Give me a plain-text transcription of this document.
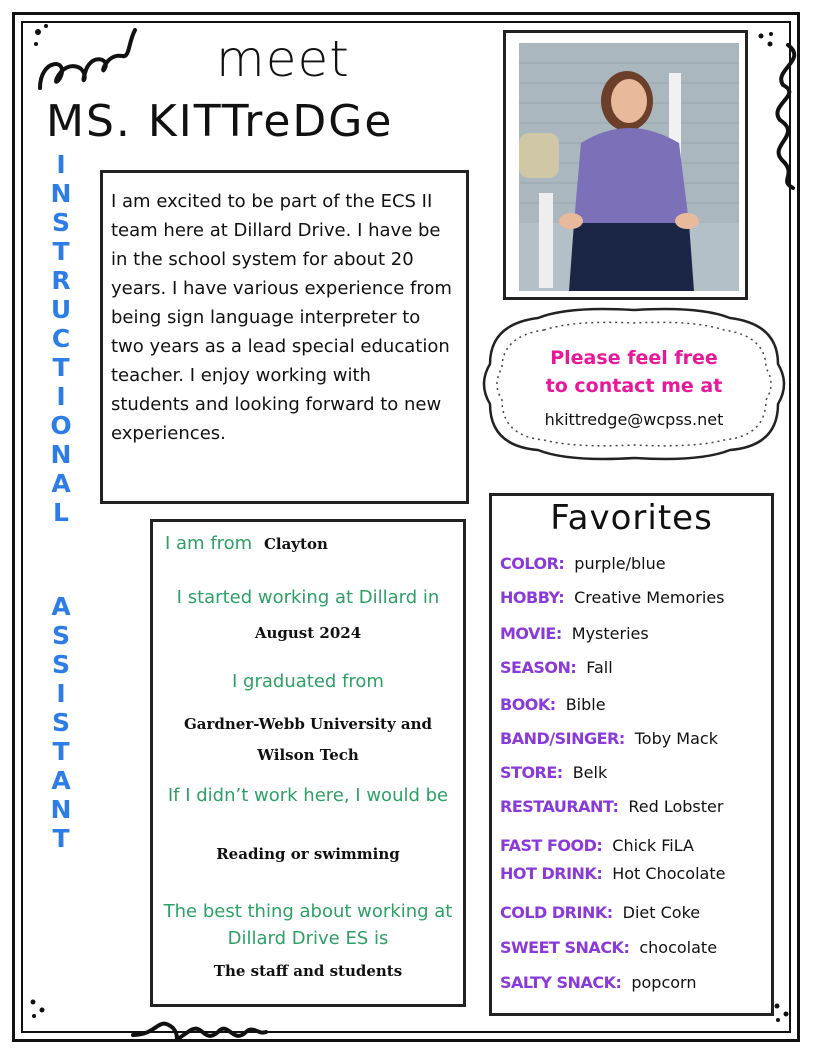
meet
MS. KITTreDGe
I
N
S
T
R
U
C
T
I
O
N
A
L
A
S
S
I
S
T
A
N
T

I am excited to be part of the ECS II team here at Dillard Drive. I have be in the school system for about 20 years. I have various experience from being sign language interpreter to two years as a lead special education teacher. I enjoy working with students and looking forward to new experiences.

Please feel free
to contact me at
hkittredge@wcpss.net
I am from Clayton
I started working at Dillard in
August 2024
I graduated from
Gardner-Webb University and
Wilson Tech
If I didn’t work here, I would be
Reading or swimming
The best thing about working at
Dillard Drive ES is
The staff and students
Favorites
COLOR: purple/blue
HOBBY: Creative Memories
MOVIE: Mysteries
SEASON: Fall
BOOK: Bible
BAND/SINGER: Toby Mack
STORE: Belk
RESTAURANT: Red Lobster
FAST FOOD: Chick FiLA
HOT DRINK: Hot Chocolate
COLD DRINK: Diet Coke
SWEET SNACK: chocolate
SALTY SNACK: popcorn
